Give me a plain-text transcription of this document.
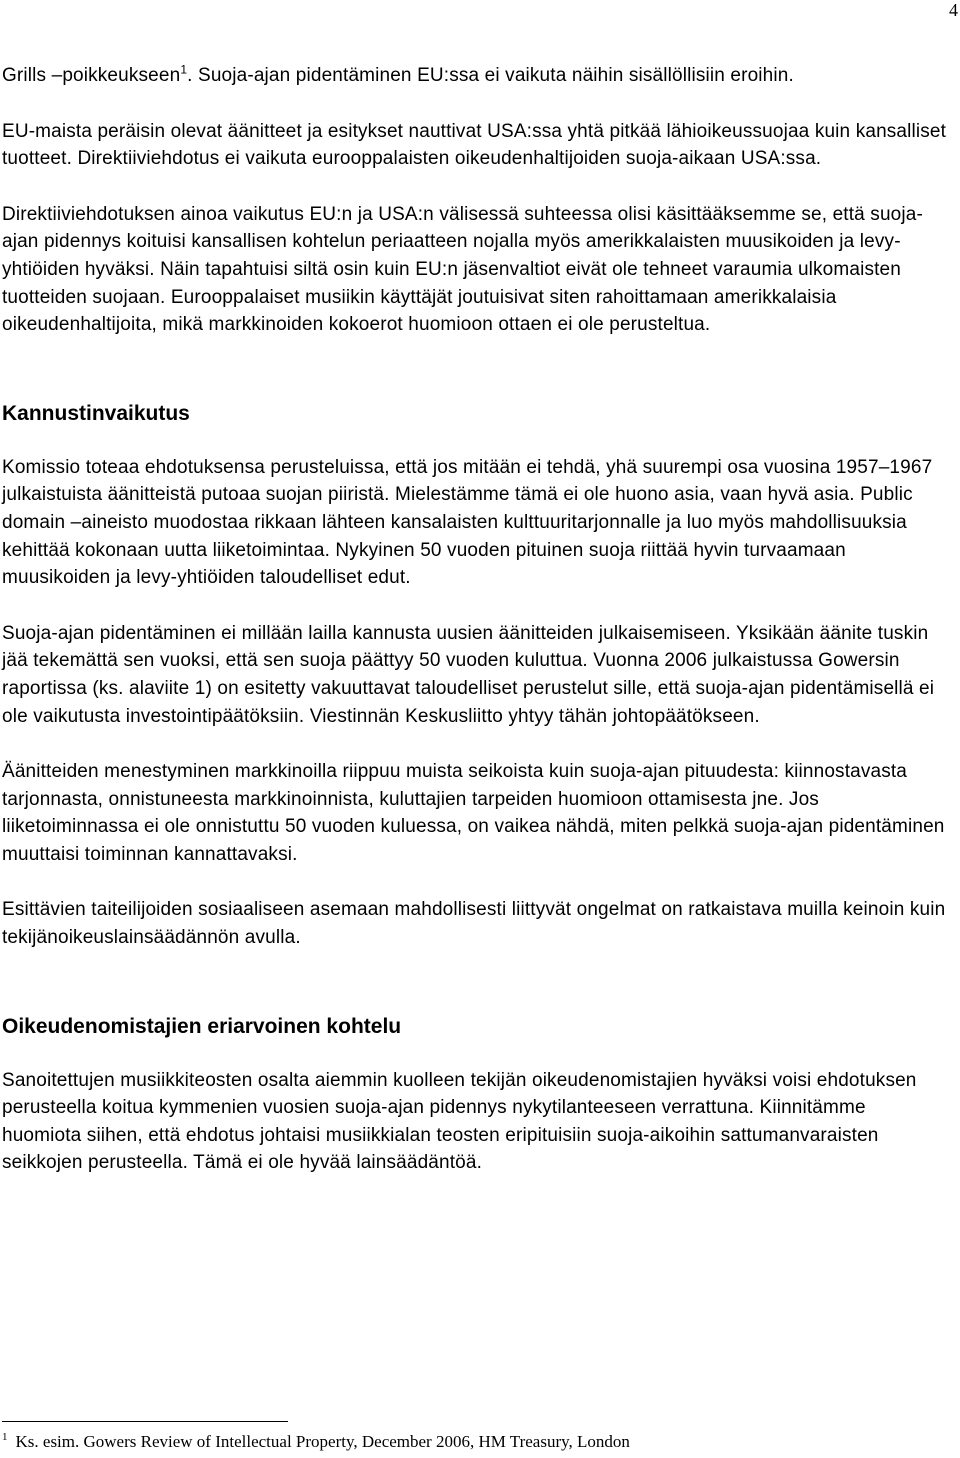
4

Grills –poikkeukseen$^1$. Suoja-ajan pidentäminen EU:ssa ei vaikuta näihin sisällöllisiin eroihin.

EU-maista peräisin olevat äänitteet ja esitykset nauttivat USA:ssa yhtä pitkää lähioikeussuojaa kuin kansalliset tuotteet. Direktiiviehdotus ei vaikuta eurooppalaisten oikeudenhaltijoiden suoja-aikaan USA:ssa.

Direktiiviehdotuksen ainoa vaikutus EU:n ja USA:n välisessä suhteessa olisi käsittääksemme se, että suoja-ajan pidennys koituisi kansallisen kohtelun periaatteen nojalla myös amerikkalaisten muusikoiden ja levy-yhtiöiden hyväksi. Näin tapahtuisi siltä osin kuin EU:n jäsenvaltiot eivät ole tehneet varaumia ulkomaisten tuotteiden suojaan. Eurooppalaiset musiikin käyttäjät joutuisivat siten rahoittamaan amerikkalaisia oikeudenhaltijoita, mikä markkinoiden kokoerot huomioon ottaen ei ole perusteltua.

Kannustinvaikutus

Komissio toteaa ehdotuksensa perusteluissa, että jos mitään ei tehdä, yhä suurempi osa vuosina 1957–1967 julkaistuista äänitteistä putoaa suojan piiristä. Mielestämme tämä ei ole huono asia, vaan hyvä asia. Public domain –aineisto muodostaa rikkaan lähteen kansalaisten kulttuuritarjonnalle ja luo myös mahdollisuuksia kehittää kokonaan uutta liiketoimintaa. Nykyinen 50 vuoden pituinen suoja riittää hyvin turvaamaan muusikoiden ja levy-yhtiöiden taloudelliset edut.

Suoja-ajan pidentäminen ei millään lailla kannusta uusien äänitteiden julkaisemiseen. Yksikään äänite tuskin jää tekemättä sen vuoksi, että sen suoja päättyy 50 vuoden kuluttua. Vuonna 2006 julkaistussa Gowersin raportissa (ks. alaviite 1) on esitetty vakuuttavat taloudelliset perustelut sille, että suoja-ajan pidentämisellä ei ole vaikutusta investointipäätöksiin. Viestinnän Keskusliitto yhtyy tähän johtopäätökseen.

Äänitteiden menestyminen markkinoilla riippuu muista seikoista kuin suoja-ajan pituudesta: kiinnostavasta tarjonnasta, onnistuneesta markkinoinnista, kuluttajien tarpeiden huomioon ottamisesta jne. Jos liiketoiminnassa ei ole onnistuttu 50 vuoden kuluessa, on vaikea nähdä, miten pelkkä suoja-ajan pidentäminen muuttaisi toiminnan kannattavaksi.

Esittävien taiteilijoiden sosiaaliseen asemaan mahdollisesti liittyvät ongelmat on ratkaistava muilla keinoin kuin tekijänoikeuslainsäädännön avulla.

Oikeudenomistajien eriarvoinen kohtelu

Sanoitettujen musiikkiteosten osalta aiemmin kuolleen tekijän oikeudenomistajien hyväksi voisi ehdotuksen perusteella koitua kymmenien vuosien suoja-ajan pidennys nykytilanteeseen verrattuna. Kiinnitämme huomiota siihen, että ehdotus johtaisi musiikkialan teosten eripituisiin suoja-aikoihin sattumanvaraisten seikkojen perusteella. Tämä ei ole hyvää lainsäädäntöä.

$^1$ Ks. esim. Gowers Review of Intellectual Property, December 2006, HM Treasury, London
